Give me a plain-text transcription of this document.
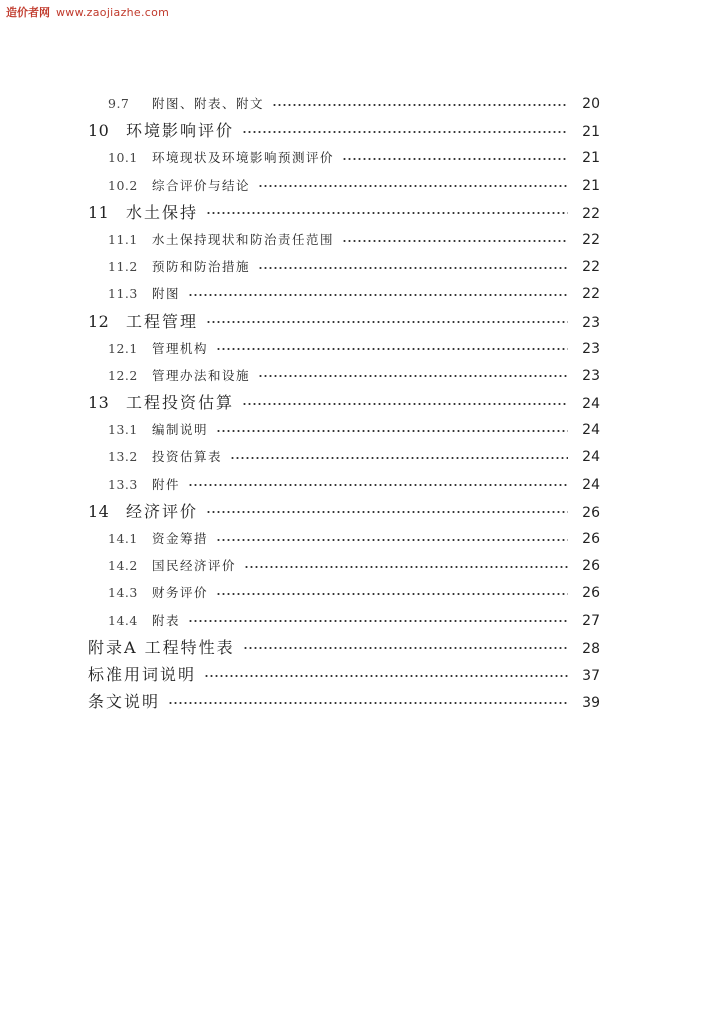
造价者网 www.zaojiazhe.com
9.7	附图、附表、附文	20
10	环境影响评价	21
10.1	环境现状及环境影响预测评价	21
10.2	综合评价与结论	21
11	水土保持	22
11.1	水土保持现状和防治责任范围	22
11.2	预防和防治措施	22
11.3	附图	22
12	工程管理	23
12.1	管理机构	23
12.2	管理办法和设施	23
13	工程投资估算	24
13.1	编制说明	24
13.2	投资估算表	24
13.3	附件	24
14	经济评价	26
14.1	资金筹措	26
14.2	国民经济评价	26
14.3	财务评价	26
14.4	附表	27
附录A 工程特性表	28
标准用词说明	37
条文说明	39
